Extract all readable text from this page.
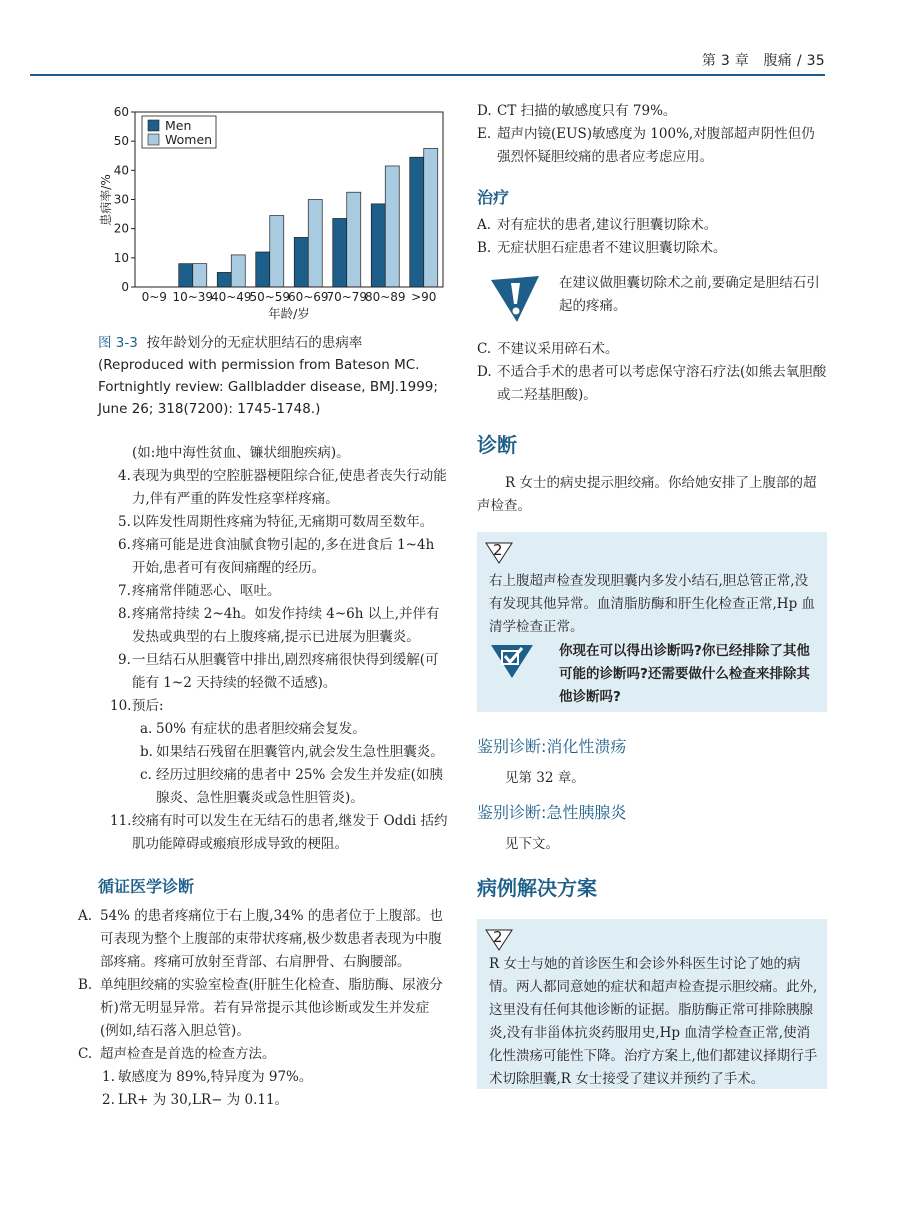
第 3 章　腹痛 / 35
0
10
20
30
40
50
60
0~9 10~39
40~49
50~59
60~69
70~79
80~89 >90
Men
Women
患病率/%
年龄/岁
图 3-3 按年龄划分的无症状胆结石的患病率(Reproduced with permission from Bateson MC. Fortnightly review: Gallbladder disease, BMJ.1999; June 26; 318(7200): 1745-1748.)
(如:地中海性贫血、镰状细胞疾病)。
4. 表现为典型的空腔脏器梗阻综合征,使患者丧失行动能力,伴有严重的阵发性痉挛样疼痛。
5. 以阵发性周期性疼痛为特征,无痛期可数周至数年。
6. 疼痛可能是进食油腻食物引起的,多在进食后 1~4h 开始,患者可有夜间痛醒的经历。
7. 疼痛常伴随恶心、呕吐。
8. 疼痛常持续 2~4h。如发作持续 4~6h 以上,并伴有发热或典型的右上腹疼痛,提示已进展为胆囊炎。
9. 一旦结石从胆囊管中排出,剧烈疼痛很快得到缓解(可能有 1~2 天持续的轻微不适感)。
10. 预后:
a. 50% 有症状的患者胆绞痛会复发。
b. 如果结石残留在胆囊管内,就会发生急性胆囊炎。
c. 经历过胆绞痛的患者中 25% 会发生并发症(如胰腺炎、急性胆囊炎或急性胆管炎)。
11. 绞痛有时可以发生在无结石的患者,继发于 Oddi 括约肌功能障碍或瘢痕形成导致的梗阻。
循证医学诊断
A. 54% 的患者疼痛位于右上腹,34% 的患者位于上腹部。也可表现为整个上腹部的束带状疼痛,极少数患者表现为中腹部疼痛。疼痛可放射至背部、右肩胛骨、右胸腰部。
B. 单纯胆绞痛的实验室检查(肝脏生化检查、脂肪酶、尿液分析)常无明显异常。若有异常提示其他诊断或发生并发症(例如,结石落入胆总管)。
C. 超声检查是首选的检查方法。
1. 敏感度为 89%,特异度为 97%。
2. LR+ 为 30,LR− 为 0.11。
D. CT 扫描的敏感度只有 79%。
E. 超声内镜(EUS)敏感度为 100%,对腹部超声阴性但仍强烈怀疑胆绞痛的患者应考虑应用。
治疗
A. 对有症状的患者,建议行胆囊切除术。
B. 无症状胆石症患者不建议胆囊切除术。
在建议做胆囊切除术之前,要确定是胆结石引起的疼痛。
C. 不建议采用碎石术。
D. 不适合手术的患者可以考虑保守溶石疗法(如熊去氧胆酸或二羟基胆酸)。
诊断
R 女士的病史提示胆绞痛。你给她安排了上腹部的超声检查。
2
右上腹超声检查发现胆囊内多发小结石,胆总管正常,没有发现其他异常。血清脂肪酶和肝生化检查正常,Hp 血清学检查正常。
你现在可以得出诊断吗?你已经排除了其他可能的诊断吗?还需要做什么检查来排除其他诊断吗?
鉴别诊断:消化性溃疡
见第 32 章。
鉴别诊断:急性胰腺炎
见下文。
病例解决方案
2
R 女士与她的首诊医生和会诊外科医生讨论了她的病情。两人都同意她的症状和超声检查提示胆绞痛。此外,这里没有任何其他诊断的证据。脂肪酶正常可排除胰腺炎,没有非甾体抗炎药服用史,Hp 血清学检查正常,使消化性溃疡可能性下降。治疗方案上,他们都建议择期行手术切除胆囊,R 女士接受了建议并预约了手术。
